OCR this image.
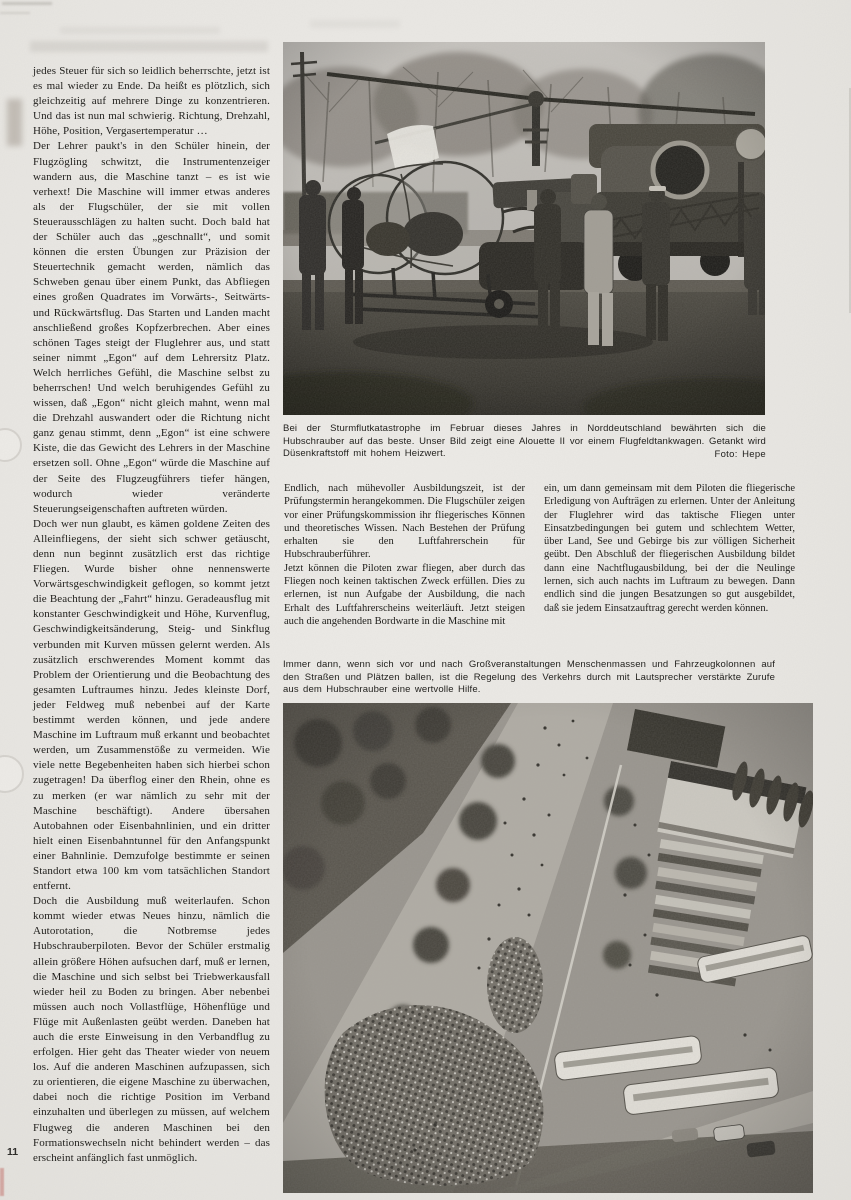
jedes Steuer für sich so leidlich beherrschte, jetzt ist es mal wieder zu Ende. Da heißt es plötzlich, sich gleichzeitig auf mehrere Dinge zu konzentrieren. Und das ist nun mal schwierig. Richtung, Drehzahl, Höhe, Position, Vergasertemperatur …

Der Lehrer paukt's in den Schüler hinein, der Flugzögling schwitzt, die Instrumentenzeiger wandern aus, die Maschine tanzt – es ist wie verhext! Die Maschine will immer etwas anderes als der Flugschüler, der sie mit vollen Steuerausschlägen zu halten sucht. Doch bald hat der Schüler auch das „geschnallt“, und somit können die ersten Übungen zur Präzision der Steuertechnik gemacht werden, nämlich das Schweben genau über einem Punkt, das Abfliegen eines großen Quadrates im Vorwärts-, Seitwärts- und Rückwärtsflug. Das Starten und Landen macht anschließend großes Kopfzerbrechen. Aber eines schönen Tages steigt der Fluglehrer aus, und statt seiner nimmt „Egon“ auf dem Lehrersitz Platz. Welch herrliches Gefühl, die Maschine selbst zu beherrschen! Und welch beruhigendes Gefühl zu wissen, daß „Egon“ nicht gleich mahnt, wenn mal die Drehzahl auswandert oder die Richtung nicht ganz genau stimmt, denn „Egon“ ist eine schwere Kiste, die das Gewicht des Lehrers in der Maschine ersetzen soll. Ohne „Egon“ würde die Maschine auf der Seite des Flugzeugführers tiefer hängen, wodurch wieder veränderte Steuerungseigenschaften auftreten würden.

Doch wer nun glaubt, es kämen goldene Zeiten des Alleinfliegens, der sieht sich schwer getäuscht, denn nun beginnt zusätzlich erst das richtige Fliegen. Wurde bisher ohne nennenswerte Vorwärtsgeschwindigkeit geflogen, so kommt jetzt die Beachtung der „Fahrt“ hinzu. Geradeausflug mit konstanter Geschwindigkeit und Höhe, Kurvenflug, Geschwindigkeitsänderung, Steig- und Sinkflug verbunden mit Kurven müssen gelernt werden. Als zusätzlich erschwerendes Moment kommt das Problem der Orientierung und die Beobachtung des gesamten Luftraumes hinzu. Jedes kleinste Dorf, jeder Feldweg muß nebenbei auf der Karte bestimmt werden können, und jede andere Maschine im Luftraum muß erkannt und beobachtet werden, um Zusammenstöße zu vermeiden. Wie viele nette Begebenheiten haben sich hierbei schon zugetragen! Da überflog einer den Rhein, ohne es zu merken (er war nämlich zu sehr mit der Maschine beschäftigt). Andere übersahen Autobahnen oder Eisenbahnlinien, und ein dritter hielt einen Eisenbahntunnel für den Anfangspunkt einer Bahnlinie. Demzufolge bestimmte er seinen Standort etwa 100 km vom tatsächlichen Standort entfernt.

Doch die Ausbildung muß weiterlaufen. Schon kommt wieder etwas Neues hinzu, nämlich die Autorotation, die Notbremse jedes Hubschrauberpiloten. Bevor der Schüler erstmalig allein größere Höhen aufsuchen darf, muß er lernen, die Maschine und sich selbst bei Triebwerkausfall wieder heil zu Boden zu bringen. Aber nebenbei müssen auch noch Vollastflüge, Höhenflüge und Flüge mit Außenlasten geübt werden. Daneben hat auch die erste Einweisung in den Verbandflug zu erfolgen. Hier geht das Theater wieder von neuem los. Auf die anderen Maschinen aufzupassen, sich zu orientieren, die eigene Maschine zu überwachen, dabei noch die richtige Position im Verband einzuhalten und überlegen zu müssen, auf welchem Flugweg die anderen Maschinen bei den Formationswechseln nicht behindert werden – das erscheint anfänglich fast unmöglich.

Bei der Sturmflutkatastrophe im Februar dieses Jahres in Norddeutschland bewährten sich die Hubschrauber auf das beste. Unser Bild zeigt eine Alouette II vor einem Flugfeldtankwagen. Getankt wird Düsenkraftstoff mit hohem Heizwert.	Foto: Hepe

Endlich, nach mühevoller Ausbildungszeit, ist der Prüfungstermin herangekommen. Die Flugschüler zeigen vor einer Prüfungskommission ihr fliegerisches Können und theoretisches Wissen. Nach Bestehen der Prüfung erhalten sie den Luftfahrerschein für Hubschrauberführer.

Jetzt können die Piloten zwar fliegen, aber durch das Fliegen noch keinen taktischen Zweck erfüllen. Dies zu erlernen, ist nun Aufgabe der Ausbildung, die nach Erhalt des Luftfahrerscheins weiterläuft. Jetzt steigen auch die angehenden Bordwarte in die Maschine mit

ein, um dann gemeinsam mit dem Piloten die fliegerische Erledigung von Aufträgen zu erlernen. Unter der Anleitung der Fluglehrer wird das taktische Fliegen unter Einsatzbedingungen bei gutem und schlechtem Wetter, über Land, See und Gebirge bis zur völligen Sicherheit geübt. Den Abschluß der fliegerischen Ausbildung bildet dann eine Nachtflugausbildung, bei der die Neulinge lernen, sich auch nachts im Luftraum zu bewegen. Dann endlich sind die jungen Besatzungen so gut ausgebildet, daß sie jedem Einsatzauftrag gerecht werden können.

Immer dann, wenn sich vor und nach Großveranstaltungen Menschenmassen und Fahrzeugkolonnen auf den Straßen und Plätzen ballen, ist die Regelung des Verkehrs durch mit Lautsprecher verstärkte Zurufe aus dem Hubschrauber eine wertvolle Hilfe.
11
